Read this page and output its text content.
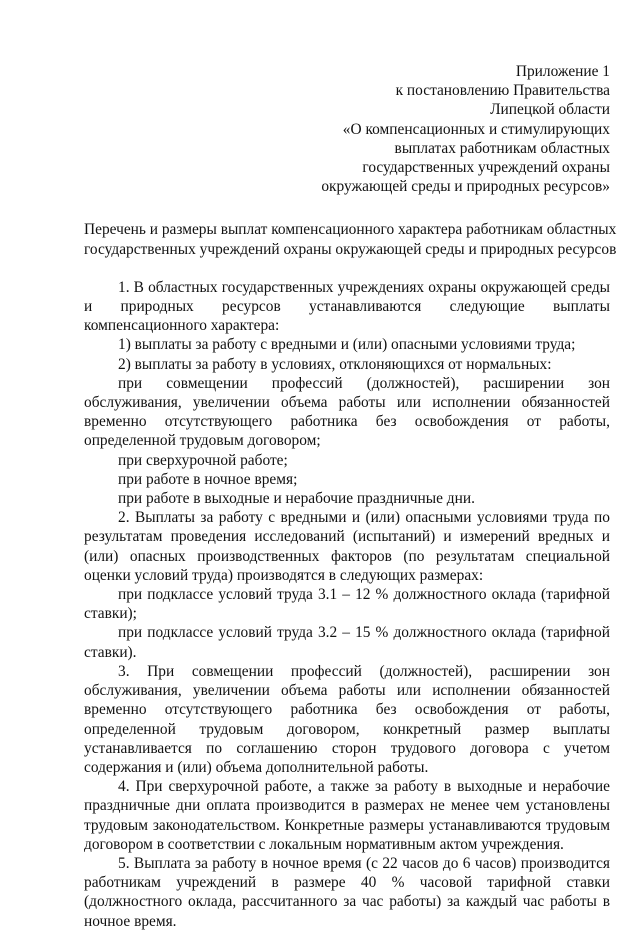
Приложение 1
к постановлению Правительства
Липецкой области
«О компенсационных и стимулирующих
выплатах работникам областных
государственных учреждений охраны
окружающей среды и природных ресурсов»
Перечень и размеры выплат компенсационного характера работникам областных
государственных учреждений охраны окружающей среды и природных ресурсов

1. В областных государственных учреждениях охраны окружающей среды и природных ресурсов устанавливаются следующие выплаты компенсационного характера:

1) выплаты за работу с вредными и (или) опасными условиями труда;

2) выплаты за работу в условиях, отклоняющихся от нормальных:

при совмещении профессий (должностей), расширении зон обслуживания, увеличении объема работы или исполнении обязанностей временно отсутствующего работника без освобождения от работы, определенной трудовым договором;

при сверхурочной работе;

при работе в ночное время;

при работе в выходные и нерабочие праздничные дни.

2. Выплаты за работу с вредными и (или) опасными условиями труда по результатам проведения исследований (испытаний) и измерений вредных и (или) опасных производственных факторов (по результатам специальной оценки условий труда) производятся в следующих размерах:

при подклассе условий труда 3.1 – 12 % должностного оклада (тарифной ставки);

при подклассе условий труда 3.2 – 15 % должностного оклада (тарифной ставки).

3. При совмещении профессий (должностей), расширении зон обслуживания, увеличении объема работы или исполнении обязанностей временно отсутствующего работника без освобождения от работы, определенной трудовым договором, конкретный размер выплаты устанавливается по соглашению сторон трудового договора с учетом содержания и (или) объема дополнительной работы.

4. При сверхурочной работе, а также за работу в выходные и нерабочие праздничные дни оплата производится в размерах не менее чем установлены трудовым законодательством. Конкретные размеры устанавливаются трудовым договором в соответствии с локальным нормативным актом учреждения.

5. Выплата за работу в ночное время (с 22 часов до 6 часов) производится работникам учреждений в размере 40 % часовой тарифной ставки (должностного оклада, рассчитанного за час работы) за каждый час работы в ночное время.
